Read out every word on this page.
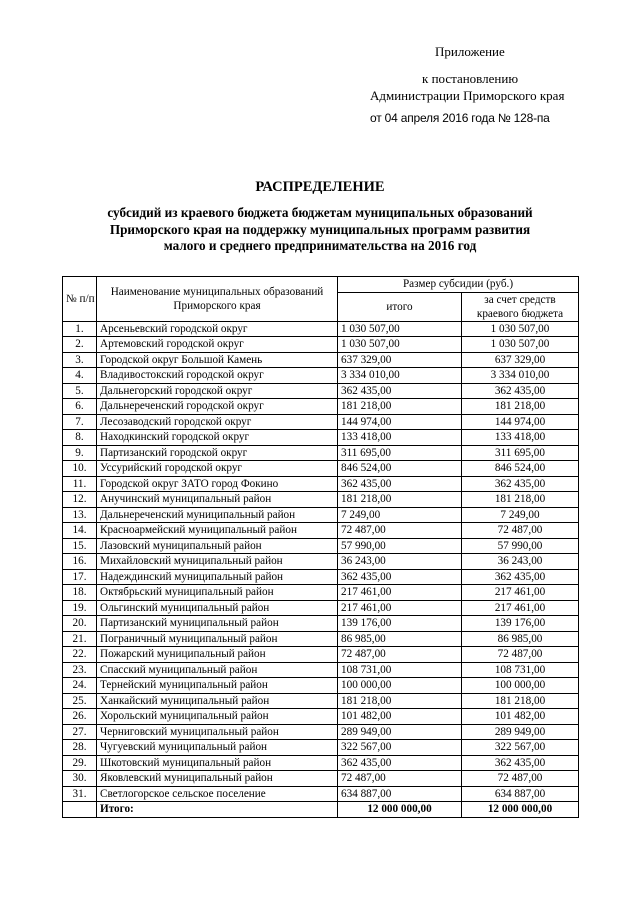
Приложение
к постановлению
Администрации Приморского края
от 04 апреля 2016 года № 128-па
РАСПРЕДЕЛЕНИЕ
субсидий из краевого бюджета бюджетам муниципальных образований
Приморского края на поддержку муниципальных программ развития
малого и среднего предпринимательства на 2016 год
№ п/п	Наименование муниципальных образований Приморского края	Размер субсидии (руб.)	
		итого	за счет средств краевого бюджета

1.	Арсеньевский городской округ	1 030 507,00	1 030 507,00
2.	Артемовский городской округ	1 030 507,00	1 030 507,00
3.	Городской округ Большой Камень	637 329,00	637 329,00
4.	Владивостокский городской округ	3 334 010,00	3 334 010,00
5.	Дальнегорский городской округ	362 435,00	362 435,00
6.	Дальнереченский городской округ	181 218,00	181 218,00
7.	Лесозаводский городской округ	144 974,00	144 974,00
8.	Находкинский городской округ	133 418,00	133 418,00
9.	Партизанский городской округ	311 695,00	311 695,00
10.	Уссурийский городской округ	846 524,00	846 524,00
11.	Городской округ ЗАТО город Фокино	362 435,00	362 435,00
12.	Анучинский муниципальный район	181 218,00	181 218,00
13.	Дальнереченский муниципальный район	7 249,00	7 249,00
14.	Красноармейский муниципальный район	72 487,00	72 487,00
15.	Лазовский муниципальный район	57 990,00	57 990,00
16.	Михайловский муниципальный район	36 243,00	36 243,00
17.	Надеждинский муниципальный район	362 435,00	362 435,00
18.	Октябрьский муниципальный район	217 461,00	217 461,00
19.	Ольгинский муниципальный район	217 461,00	217 461,00
20.	Партизанский муниципальный район	139 176,00	139 176,00
21.	Пограничный муниципальный район	86 985,00	86 985,00
22.	Пожарский муниципальный район	72 487,00	72 487,00
23.	Спасский муниципальный район	108 731,00	108 731,00
24.	Тернейский муниципальный район	100 000,00	100 000,00
25.	Ханкайский муниципальный район	181 218,00	181 218,00
26.	Хорольский муниципальный район	101 482,00	101 482,00
27.	Черниговский муниципальный район	289 949,00	289 949,00
28.	Чугуевский муниципальный район	322 567,00	322 567,00
29.	Шкотовский муниципальный район	362 435,00	362 435,00
30.	Яковлевский муниципальный район	72 487,00	72 487,00
31.	Светлогорское сельское поселение	634 887,00	634 887,00
	Итого:	12 000 000,00	12 000 000,00
